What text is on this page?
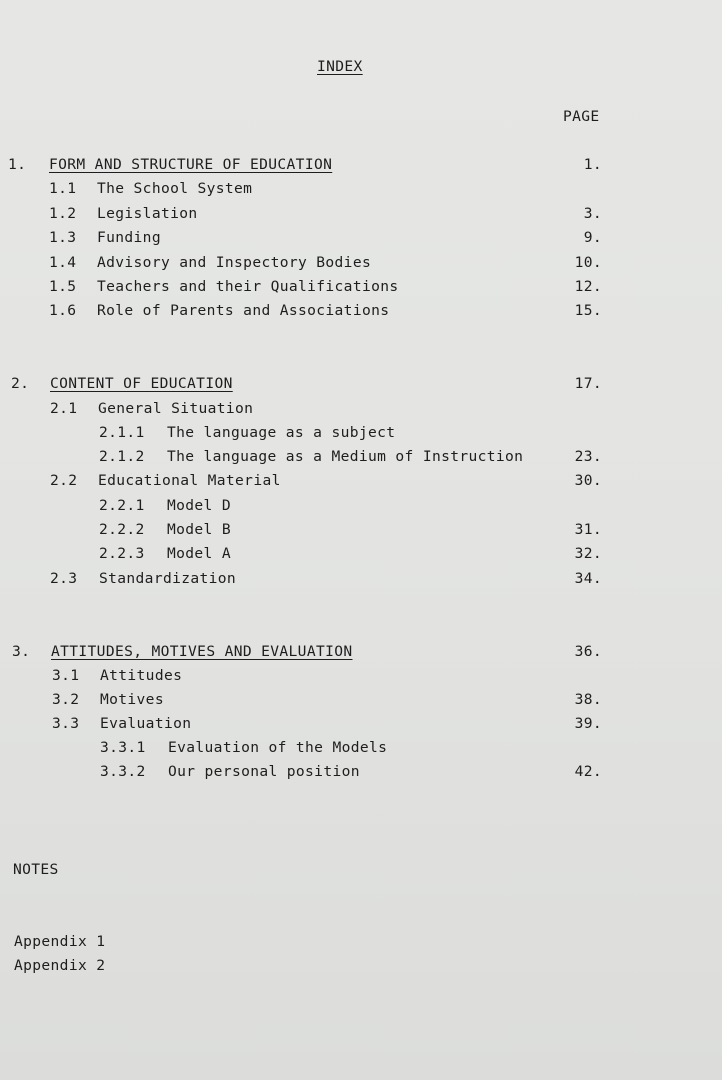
INDEX
PAGE
1. FORM AND STRUCTURE OF EDUCATION	1.
1.1 The School System
1.2 Legislation	3.
1.3 Funding	9.
1.4 Advisory and Inspectory Bodies	10.
1.5 Teachers and their Qualifications	12.
1.6 Role of Parents and Associations	15.
2. CONTENT OF EDUCATION	17.
2.1 General Situation
2.1.1 The language as a subject
2.1.2 The language as a Medium of Instruction	23.
2.2 Educational Material	30.
2.2.1 Model D
2.2.2 Model B	31.
2.2.3 Model A	32.
2.3 Standardization	34.
3. ATTITUDES, MOTIVES AND EVALUATION	36.
3.1 Attitudes
3.2 Motives	38.
3.3 Evaluation	39.
3.3.1 Evaluation of the Models
3.3.2 Our personal position	42.
NOTES
Appendix 1
Appendix 2
